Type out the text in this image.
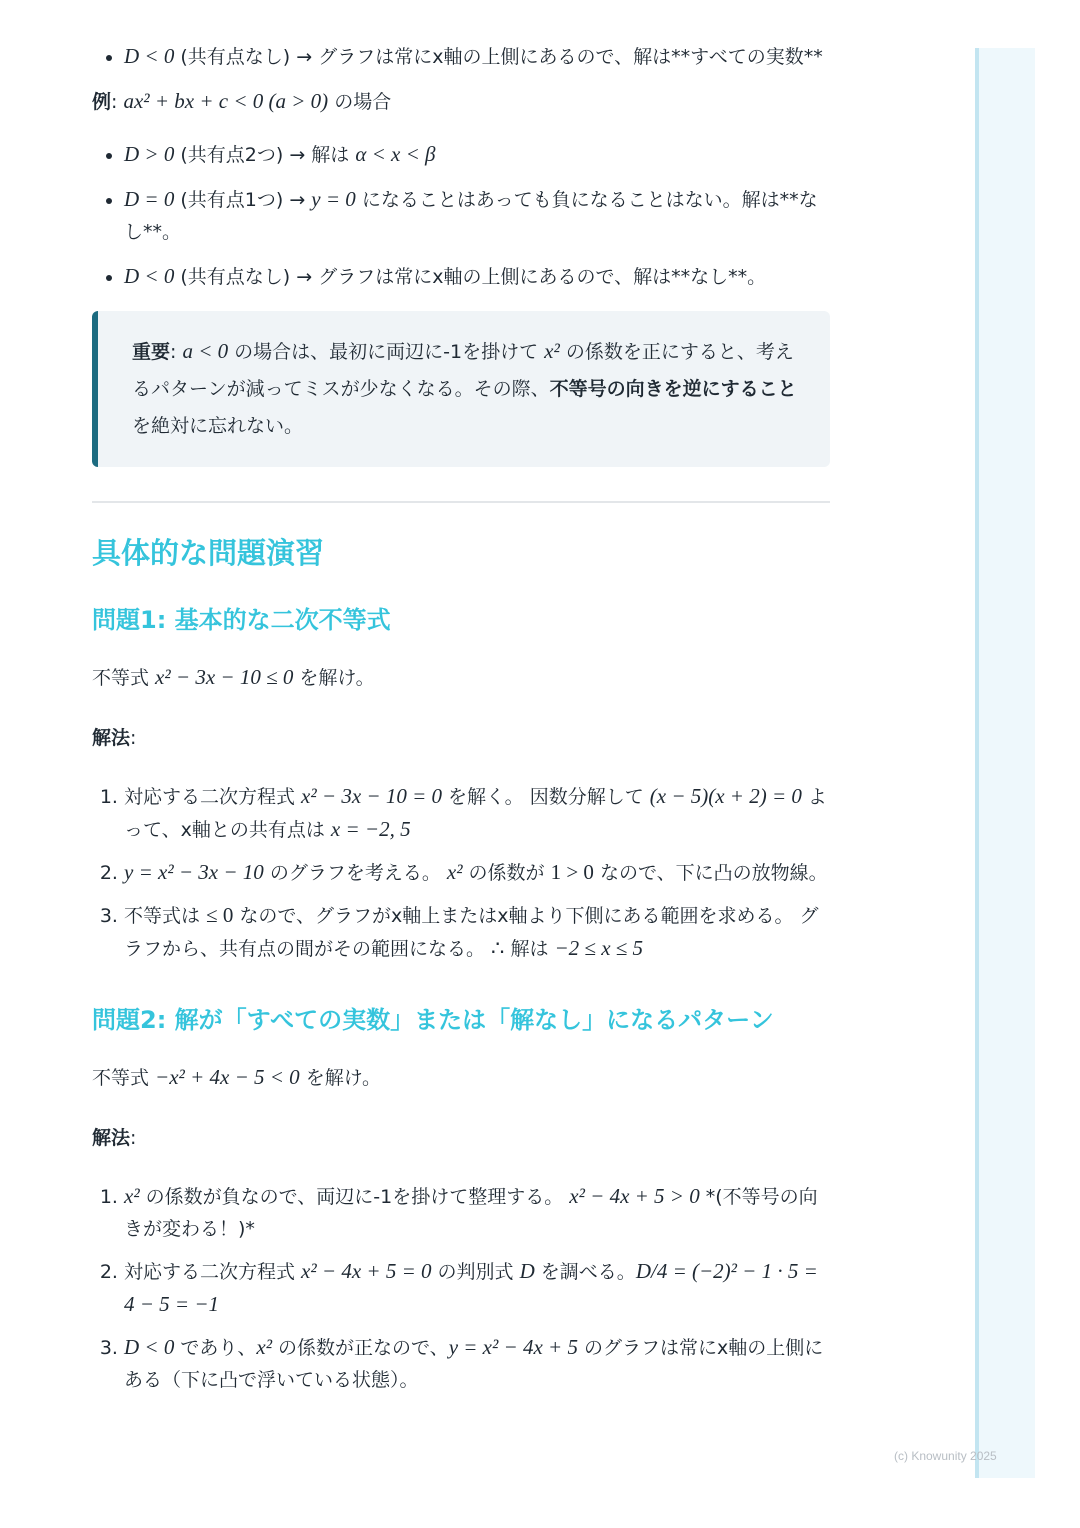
• D < 0 (共有点なし) → グラフは常にx軸の上側にあるので、解は**すべての実数**

例: ax² + bx + c < 0 (a > 0) の場合

• D > 0 (共有点2つ) → 解は α < x < β
• D = 0 (共有点1つ) → y = 0 になることはあっても負になることはない。解は**なし**。
• D < 0 (共有点なし) → グラフは常にx軸の上側にあるので、解は**なし**。
重要: a < 0 の場合は、最初に両辺に-1を掛けて x² の係数を正にすると、考えるパターンが減ってミスが少なくなる。その際、不等号の向きを逆にすることを絶対に忘れない。
具体的な問題演習
問題1: 基本的な二次不等式

不等式 x² − 3x − 10 ≤ 0 を解け。

解法:

1. 対応する二次方程式 x² − 3x − 10 = 0 を解く。 因数分解して (x − 5)(x + 2) = 0 よって、x軸との共有点は x = −2, 5
2. y = x² − 3x − 10 のグラフを考える。 x² の係数が 1 > 0 なので、下に凸の放物線。
3. 不等式は ≤ 0 なので、グラフがx軸上またはx軸より下側にある範囲を求める。 グラフから、共有点の間がその範囲になる。 ∴ 解は −2 ≤ x ≤ 5
問題2: 解が「すべての実数」または「解なし」になるパターン

不等式 −x² + 4x − 5 < 0 を解け。

解法:

1. x² の係数が負なので、両辺に-1を掛けて整理する。 x² − 4x + 5 > 0 *(不等号の向きが変わる！)*
2. 対応する二次方程式 x² − 4x + 5 = 0 の判別式 D を調べる。D/4 = (−2)² − 1 · 5 = 4 − 5 = −1
3. D < 0 であり、x² の係数が正なので、y = x² − 4x + 5 のグラフは常にx軸の上側にある（下に凸で浮いている状態）。
(c) Knowunity 2025
